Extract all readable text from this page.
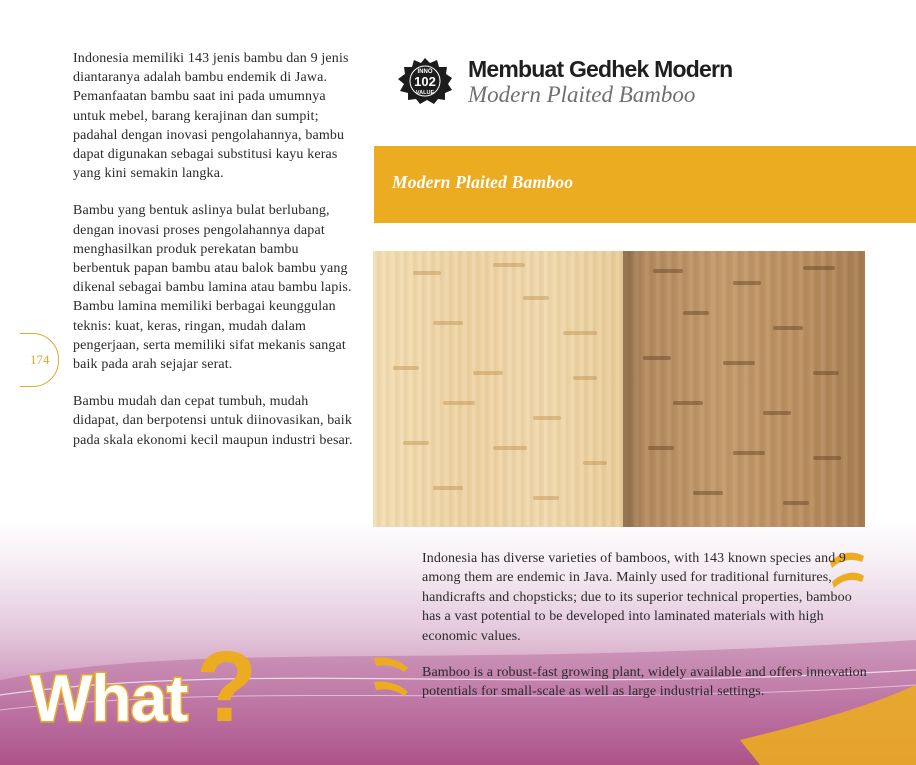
Indonesia memiliki 143 jenis bambu dan 9 jenis diantaranya adalah bambu endemik di Jawa. Pemanfaatan bambu saat ini pada umumnya untuk mebel, barang kerajinan dan sumpit; padahal dengan inovasi pengolahannya, bambu dapat digunakan sebagai substitusi kayu keras yang kini semakin langka.

Bambu yang bentuk aslinya bulat berlubang, dengan inovasi proses pengolahannya dapat menghasilkan produk perekatan bambu berbentuk papan bambu atau balok bambu yang dikenal sebagai bambu lamina atau bambu lapis. Bambu lamina memiliki berbagai keunggulan teknis: kuat, keras, ringan, mudah dalam pengerjaan, serta memiliki sifat mekanis sangat baik pada arah sejajar serat.

Bambu mudah dan cepat tumbuh, mudah didapat, dan berpotensi untuk diinovasikan, baik pada skala ekonomi kecil maupun industri besar.

174
INNO
102
VALUE
Membuat Gedhek Modern
Modern Plaited Bamboo
Modern Plaited Bamboo
Indonesia has diverse varieties of bamboos, with 143 known species and 9 among them are endemic in Java. Mainly used for traditional furnitures, handicrafts and chopsticks; due to its superior technical properties, bamboo has a vast potential to be developed into laminated materials with high economic values.
Bamboo is a robust-fast growing plant, widely available and offers innovation potentials for small-scale as well as large industrial settings.
What ?
